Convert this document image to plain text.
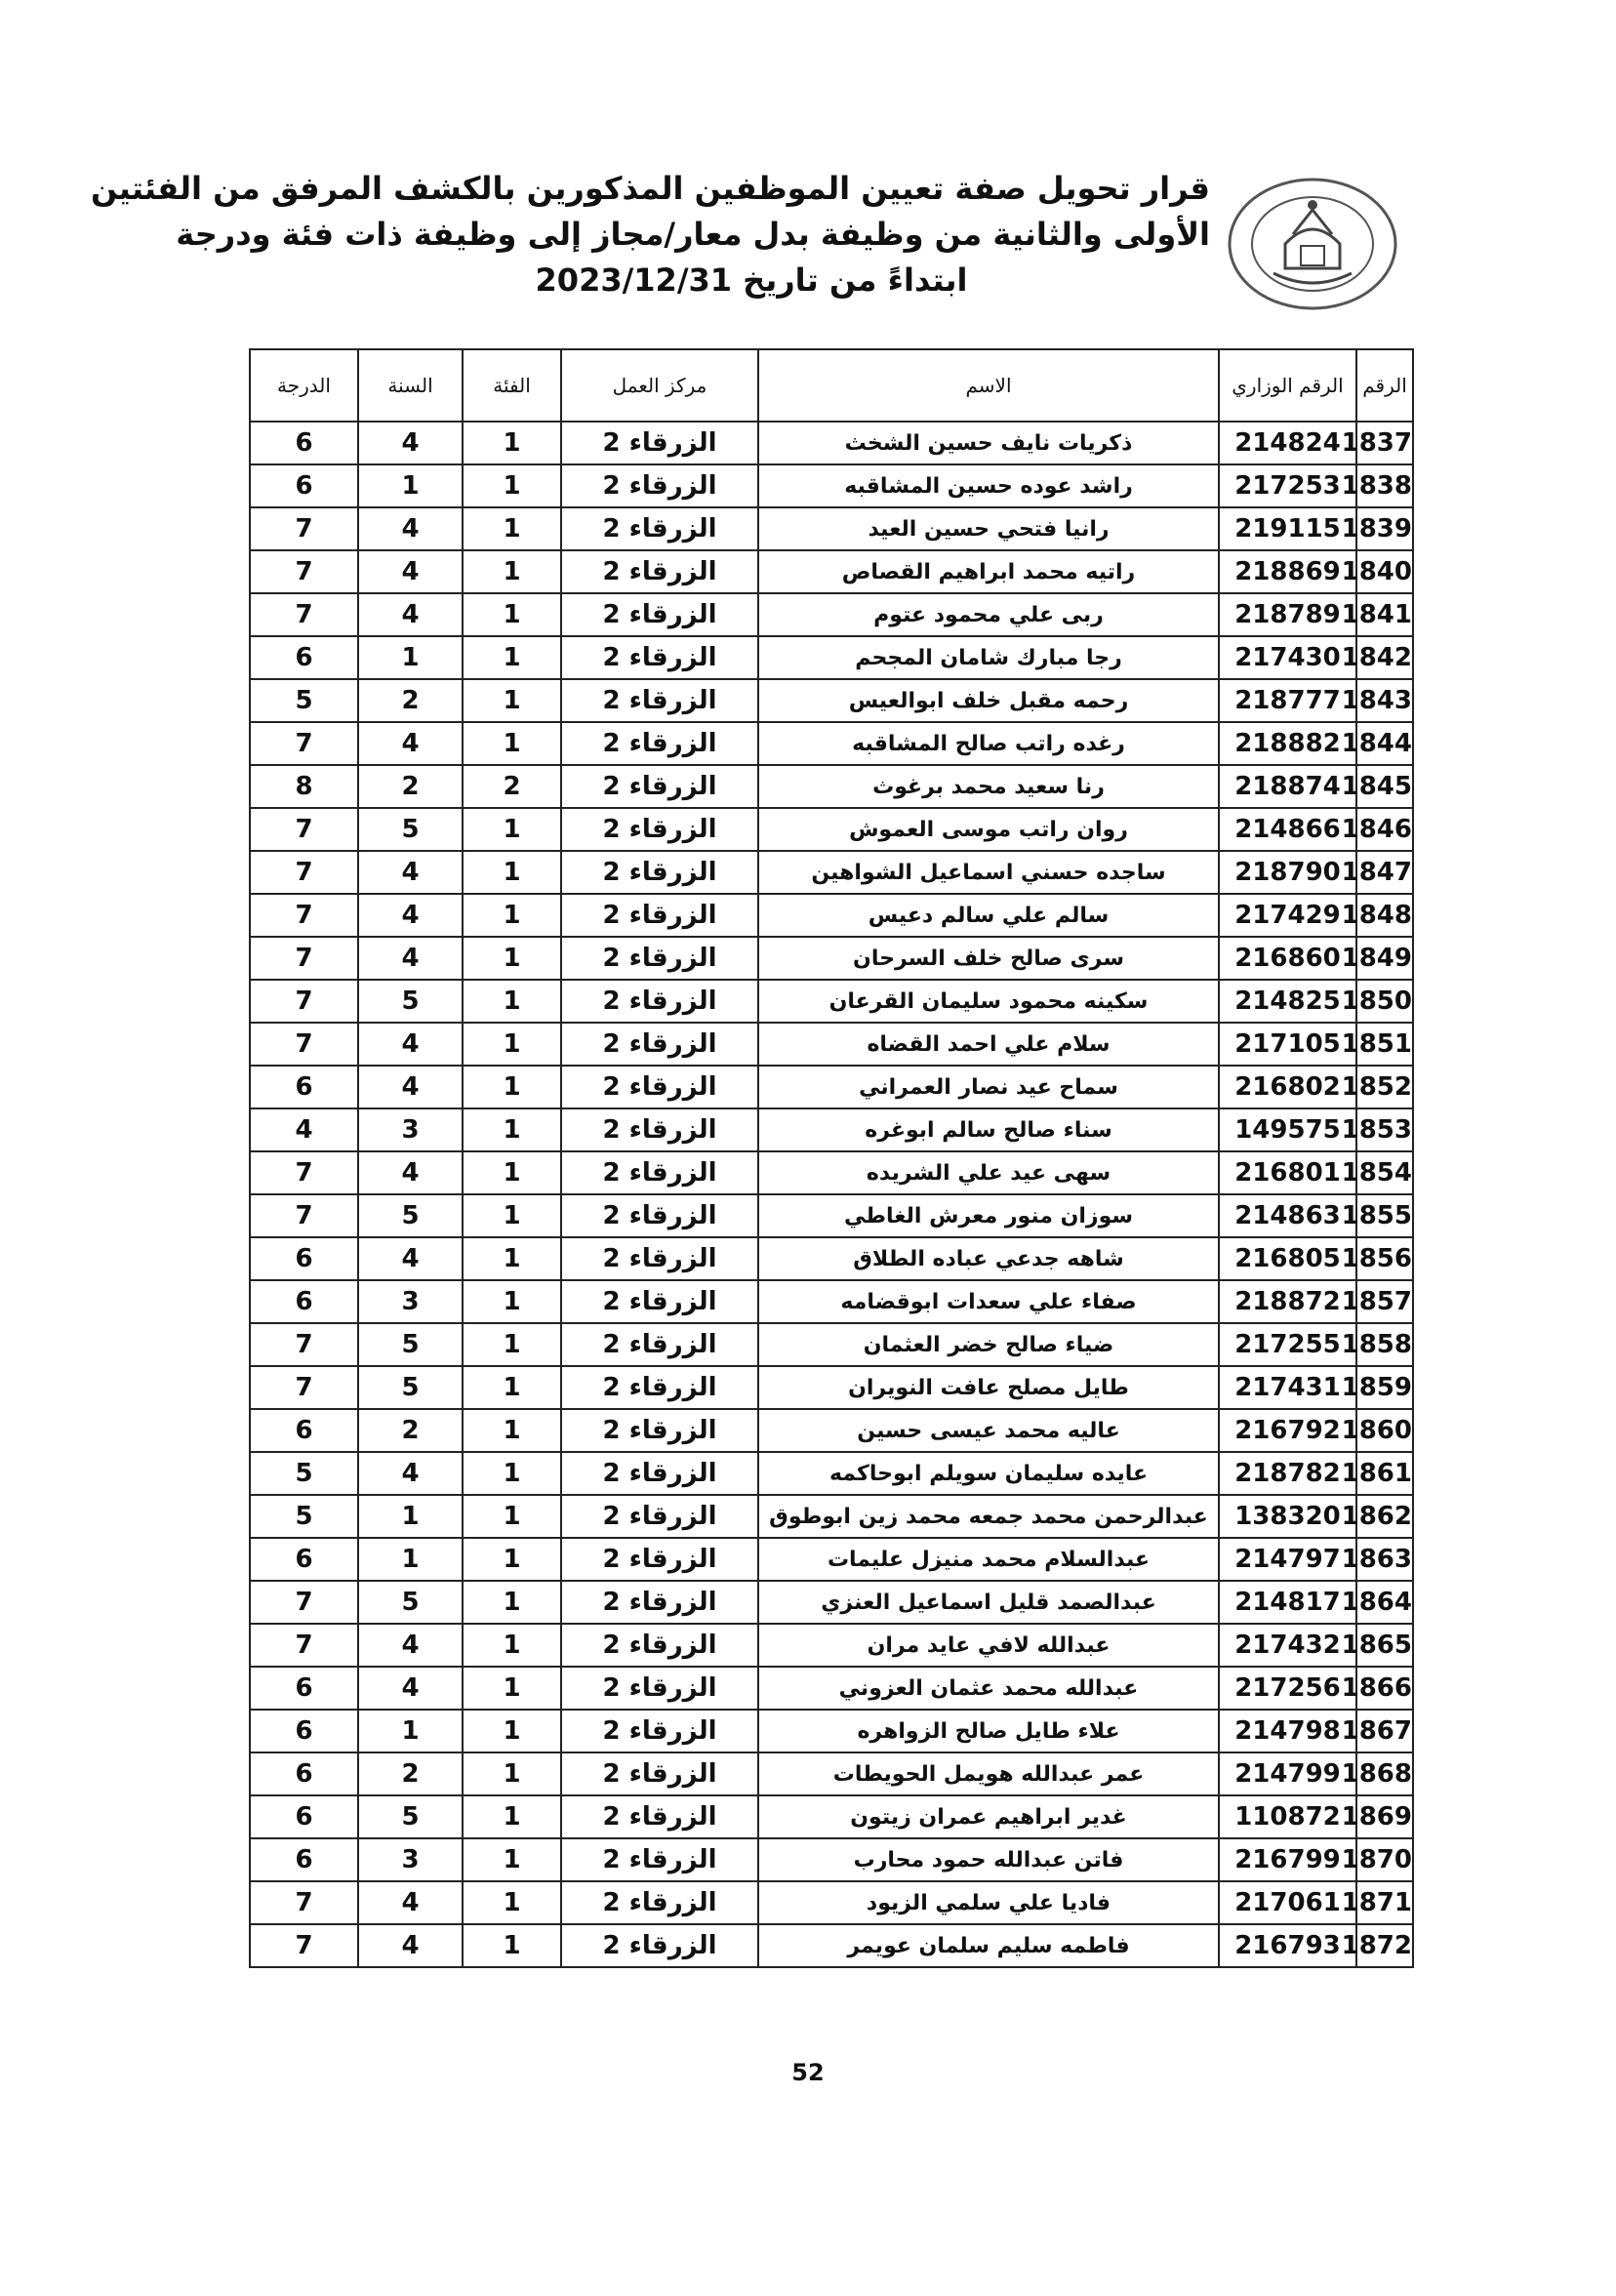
قرار تحويل صفة تعيين الموظفين المذكورين بالكشف المرفق من الفئتين
الأولى والثانية من وظيفة بدل معار/مجاز إلى وظيفة ذات فئة ودرجة
ابتداءً من تاريخ 2023/12/31
الرقم	الرقم الوزاري	الاسم	مركز العمل	الفئة	السنة	الدرجة
1837	214824	ذكريات نايف حسين الشخث	الزرقاء 2	1	4	6
1838	217253	راشد عوده حسين المشاقبه	الزرقاء 2	1	1	6
1839	219115	رانيا فتحي حسين العيد	الزرقاء 2	1	4	7
1840	218869	راتيه محمد ابراهيم القصاص	الزرقاء 2	1	4	7
1841	218789	ربى علي محمود عتوم	الزرقاء 2	1	4	7
1842	217430	رجا مبارك شامان المجحم	الزرقاء 2	1	1	6
1843	218777	رحمه مقبل خلف ابوالعيس	الزرقاء 2	1	2	5
1844	218882	رغده راتب صالح المشاقبه	الزرقاء 2	1	4	7
1845	218874	رنا سعيد محمد برغوث	الزرقاء 2	2	2	8
1846	214866	روان راتب موسى العموش	الزرقاء 2	1	5	7
1847	218790	ساجده حسني اسماعيل الشواهين	الزرقاء 2	1	4	7
1848	217429	سالم علي سالم دعيس	الزرقاء 2	1	4	7
1849	216860	سرى صالح خلف السرحان	الزرقاء 2	1	4	7
1850	214825	سكينه محمود سليمان القرعان	الزرقاء 2	1	5	7
1851	217105	سلام علي احمد القضاه	الزرقاء 2	1	4	7
1852	216802	سماح عيد نصار العمراني	الزرقاء 2	1	4	6
1853	149575	سناء صالح سالم ابوغره	الزرقاء 2	1	3	4
1854	216801	سهى عيد علي الشريده	الزرقاء 2	1	4	7
1855	214863	سوزان منور معرش الغاطي	الزرقاء 2	1	5	7
1856	216805	شاهه جدعي عباده الطلاق	الزرقاء 2	1	4	6
1857	218872	صفاء علي سعدات ابوقضامه	الزرقاء 2	1	3	6
1858	217255	ضياء صالح خضر العثمان	الزرقاء 2	1	5	7
1859	217431	طايل مصلح عافت النويران	الزرقاء 2	1	5	7
1860	216792	عاليه محمد عيسى حسين	الزرقاء 2	1	2	6
1861	218782	عايده سليمان سويلم ابوحاكمه	الزرقاء 2	1	4	5
1862	138320	عبدالرحمن محمد جمعه محمد زين ابوطوق	الزرقاء 2	1	1	5
1863	214797	عبدالسلام محمد منيزل عليمات	الزرقاء 2	1	1	6
1864	214817	عبدالصمد قليل اسماعيل العنزي	الزرقاء 2	1	5	7
1865	217432	عبدالله لافي عايد مران	الزرقاء 2	1	4	7
1866	217256	عبدالله محمد عثمان العزوني	الزرقاء 2	1	4	6
1867	214798	علاء طايل صالح الزواهره	الزرقاء 2	1	1	6
1868	214799	عمر عبدالله هويمل الحويطات	الزرقاء 2	1	2	6
1869	110872	غدير ابراهيم عمران زيتون	الزرقاء 2	1	5	6
1870	216799	فاتن عبدالله حمود محارب	الزرقاء 2	1	3	6
1871	217061	فاديا علي سلمي الزيود	الزرقاء 2	1	4	7
1872	216793	فاطمه سليم سلمان عويمر	الزرقاء 2	1	4	7
52
